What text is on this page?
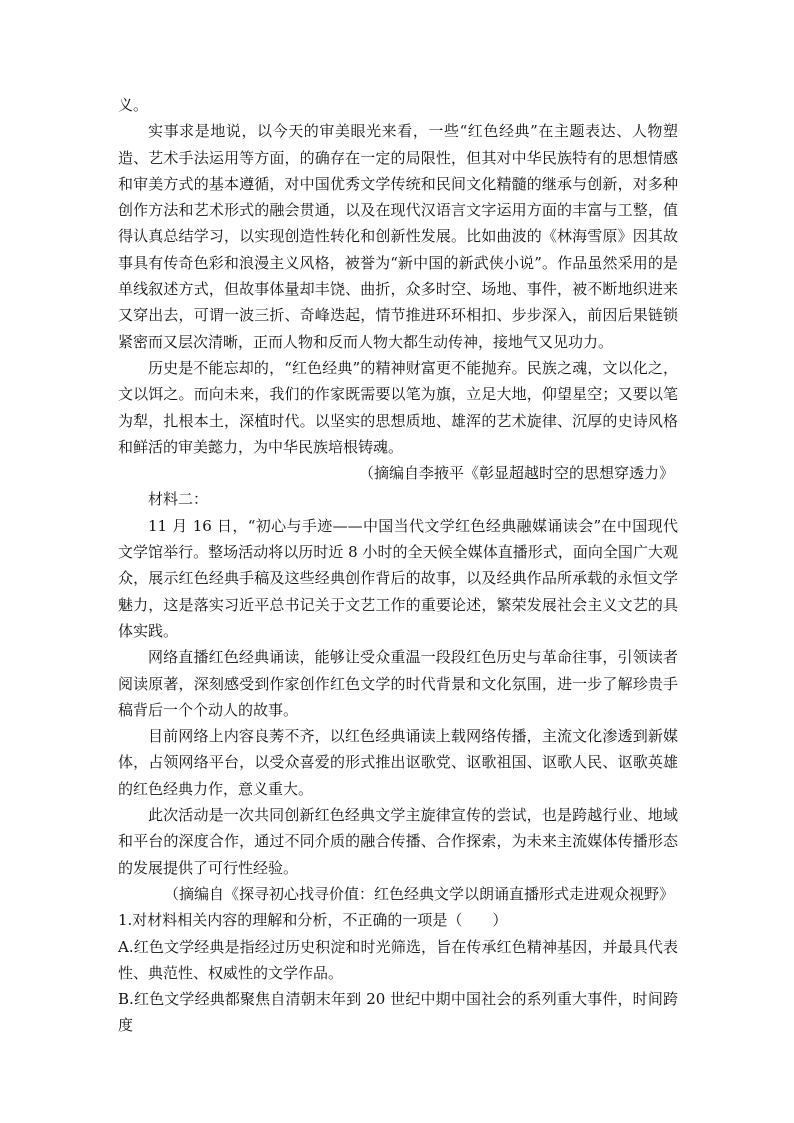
义。

实事求是地说，以今天的审美眼光来看，一些“红色经典”在主题表达、人物塑造、艺术手法运用等方面，的确存在一定的局限性，但其对中华民族特有的思想情感和审美方式的基本遵循，对中国优秀文学传统和民间文化精髓的继承与创新，对多种创作方法和艺术形式的融会贯通，以及在现代汉语言文字运用方面的丰富与工整，值得认真总结学习，以实现创造性转化和创新性发展。比如曲波的《林海雪原》因其故事具有传奇色彩和浪漫主义风格，被誉为“新中国的新武侠小说”。作品虽然采用的是单线叙述方式，但故事体量却丰饶、曲折，众多时空、场地、事件，被不断地织进来又穿出去，可谓一波三折、奇峰迭起，情节推进环环相扣、步步深入，前因后果链锁紧密而又层次清晰，正而人物和反而人物大都生动传神，接地气又见功力。

历史是不能忘却的，“红色经典”的精神财富更不能抛弃。民族之魂，文以化之，文以饵之。而向未来，我们的作家既需要以笔为旗，立足大地，仰望星空；又要以笔为犁，扎根本土，深植时代。以坚实的思想质地、雄浑的艺术旋律、沉厚的史诗风格和鲜活的审美懿力，为中华民族培根铸魂。

（摘编自李掖平《彰显超越时空的思想穿透力》

材料二：

11 月 16 日，“初心与手迹——中国当代文学红色经典融媒诵读会”在中国现代文学馆举行。整场活动将以历时近 8 小时的全天候全媒体直播形式，面向全国广大观众，展示红色经典手稿及这些经典创作背后的故事，以及经典作品所承载的永恒文学魅力，这是落实习近平总书记关于文艺工作的重要论述，繁荣发展社会主义文艺的具体实践。

网络直播红色经典诵读，能够让受众重温一段段红色历史与革命往事，引领读者阅读原著，深刻感受到作家创作红色文学的时代背景和文化氛围，进一步了解珍贵手稿背后一个个动人的故事。

目前网络上内容良莠不齐，以红色经典诵读上载网络传播，主流文化渗透到新媒体，占领网络平台，以受众喜爱的形式推出讴歌党、讴歌祖国、讴歌人民、讴歌英雄的红色经典力作，意义重大。

此次活动是一次共同创新红色经典文学主旋律宣传的尝试，也是跨越行业、地域和平台的深度合作，通过不同介质的融合传播、合作探索，为未来主流媒体传播形态的发展提供了可行性经验。

（摘编自《探寻初心找寻价值：红色经典文学以朗诵直播形式走进观众视野》

1.对材料相关内容的理解和分析，不正确的一项是（　　）

A.红色文学经典是指经过历史积淀和时光筛选，旨在传承红色精神基因，并最具代表性、典范性、权威性的文学作品。

B.红色文学经典都聚焦自清朝末年到 20 世纪中期中国社会的系列重大事件，时间跨度
